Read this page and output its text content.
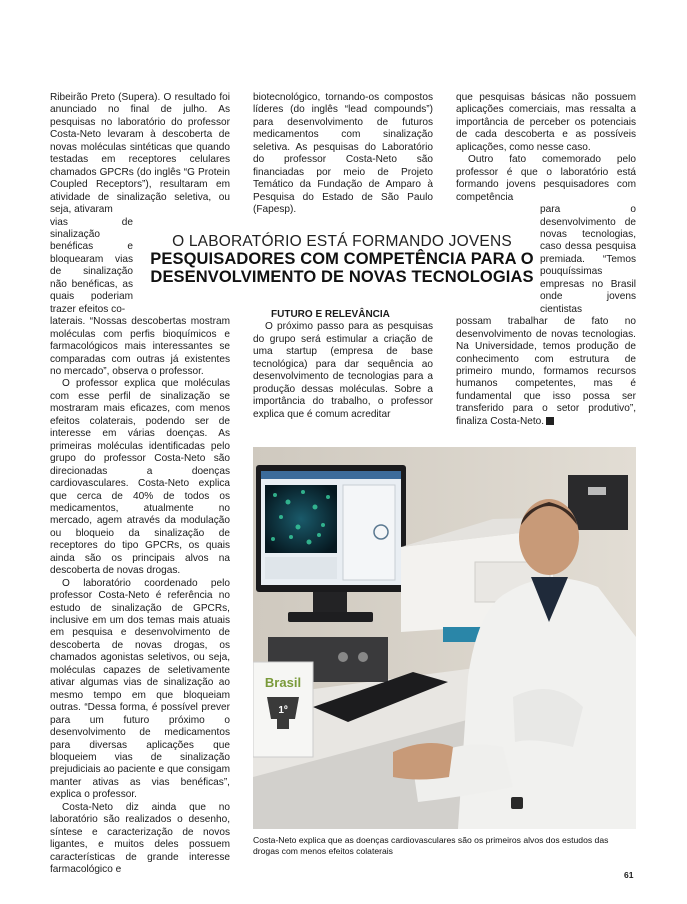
Ribeirão Preto (Supera). O resultado foi anunciado no final de julho. As pesquisas no laboratório do professor Costa-Neto levaram à descoberta de novas moléculas sintéticas que quando testadas em receptores celulares chamados GPCRs (do inglês “G Protein Coupled Receptors”), resultaram em atividade de sinalização seletiva, ou seja, ativaram

vias de sinalização benéficas e bloquearam vias de sinalização não benéficas, as quais poderiam trazer efeitos co-

laterais. “Nossas descobertas mostram moléculas com perfis bioquímicos e farmacológicos mais interessantes se comparadas com outras já existentes no mercado”, observa o professor.

O professor explica que moléculas com esse perfil de sinalização se mostraram mais eficazes, com menos efeitos colaterais, podendo ser de interesse em várias doenças. As primeiras moléculas identificadas pelo grupo do professor Costa-Neto são direcionadas a doenças cardiovasculares. Costa-Neto explica que cerca de 40% de todos os medicamentos, atualmente no mercado, agem através da modulação ou bloqueio da sinalização de receptores do tipo GPCRs, os quais ainda são os principais alvos na descoberta de novas drogas.

O laboratório coordenado pelo professor Costa-Neto é referência no estudo de sinalização de GPCRs, inclusive em um dos temas mais atuais em pesquisa e desenvolvimento de descoberta de novas drogas, os chamados agonistas seletivos, ou seja, moléculas capazes de seletivamente ativar algumas vias de sinalização ao mesmo tempo em que bloqueiam outras. “Dessa forma, é possível prever para um futuro próximo o desenvolvimento de medicamentos para diversas aplicações que bloqueiem vias de sinalização prejudiciais ao paciente e que consigam manter ativas as vias benéficas”, explica o professor.

Costa-Neto diz ainda que no laboratório são realizados o desenho, síntese e caracterização de novos ligantes, e muitos deles possuem características de grande interesse farmacológico e

biotecnológico, tornando-os compostos líderes (do inglês “lead compounds”) para desenvolvimento de futuros medicamentos com sinalização seletiva. As pesquisas do Laboratório do professor Costa-Neto são financiadas por meio de Projeto Temático da Fundação de Amparo à Pesquisa do Estado de São Paulo (Fapesp).

FUTURO E RELEVÂNCIA

O próximo passo para as pesquisas do grupo será estimular a criação de uma startup (empresa de base tecnológica) para dar sequência ao desenvolvimento de tecnologias para a produção dessas moléculas. Sobre a importância do trabalho, o professor explica que é comum acreditar

que pesquisas básicas não possuem aplicações comerciais, mas ressalta a importância de perceber os potenciais de cada descoberta e as possíveis aplicações, como nesse caso.

Outro fato comemorado pelo professor é que o laboratório está formando jovens pesquisadores com competência

para o desenvolvimento de novas tecnologias, caso dessa pesquisa premiada. “Temos pouquíssimas empresas no Brasil onde jovens cientistas

possam trabalhar de fato no desenvolvimento de novas tecnologias. Na Universidade, temos produção de conhecimento com estrutura de primeiro mundo, formamos recursos humanos competentes, mas é fundamental que isso possa ser transferido para o setor produtivo”, finaliza Costa-Neto.

O LABORATÓRIO ESTÁ FORMANDO JOVENS
PESQUISADORES COM COMPETÊNCIA PARA O
DESENVOLVIMENTO DE NOVAS TECNOLOGIAS
Brasil
1º
Costa-Neto explica que as doenças cardiovasculares são os primeiros alvos dos estudos das drogas com menos efeitos colaterais
61
